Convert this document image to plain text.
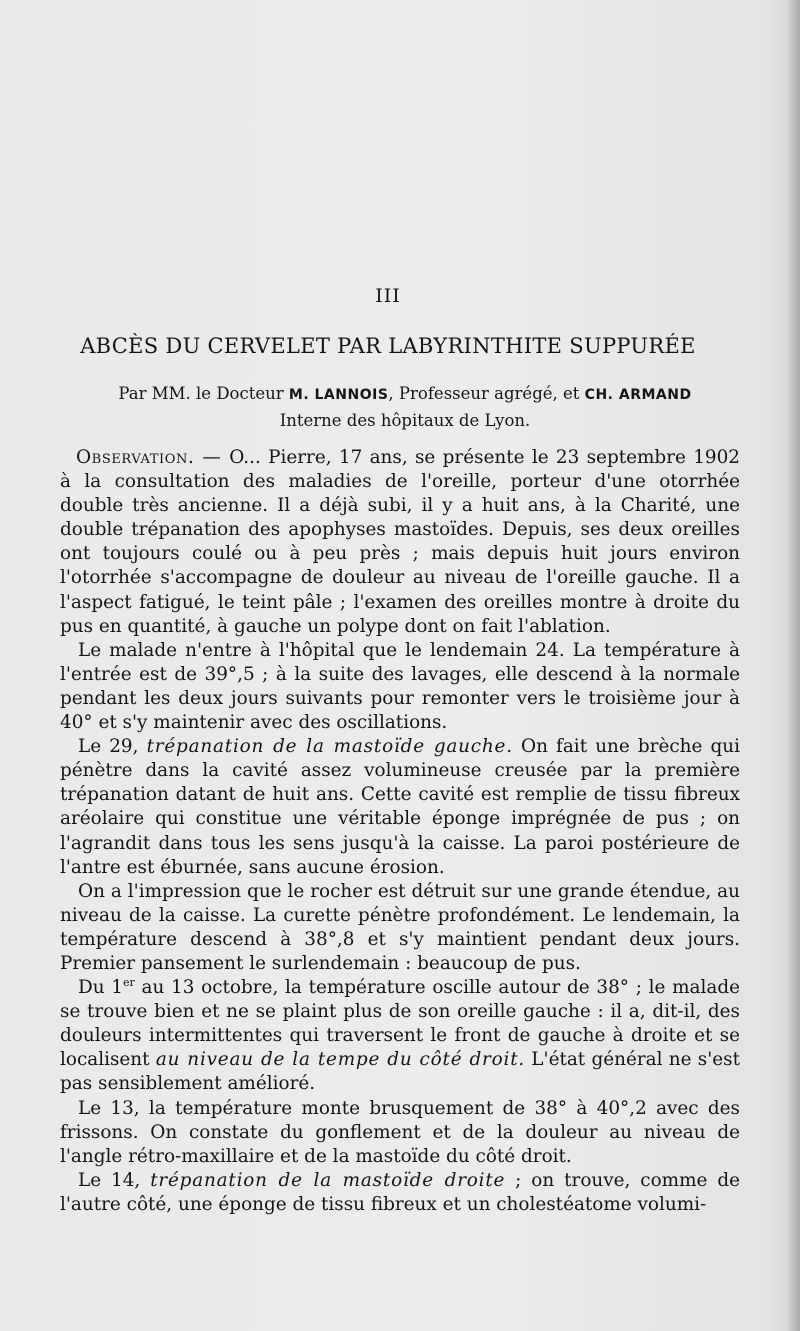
III
ABCÈS DU CERVELET PAR LABYRINTHITE SUPPURÉE
Par MM. le Docteur M. LANNOIS, Professeur agrégé, et CH. ARMAND
Interne des hôpitaux de Lyon.

Observation. — O... Pierre, 17 ans, se présente le 23 septembre 1902 à la consultation des maladies de l'oreille, porteur d'une otorrhée double très ancienne. Il a déjà subi, il y a huit ans, à la Charité, une double trépanation des apophyses mastoïdes. Depuis, ses deux oreilles ont toujours coulé ou à peu près ; mais depuis huit jours environ l'otorrhée s'accompagne de douleur au niveau de l'oreille gauche. Il a l'aspect fatigué, le teint pâle ; l'examen des oreilles montre à droite du pus en quantité, à gauche un polype dont on fait l'ablation.

Le malade n'entre à l'hôpital que le lendemain 24. La température à l'entrée est de 39°,5 ; à la suite des lavages, elle descend à la normale pendant les deux jours suivants pour remonter vers le troisième jour à 40° et s'y maintenir avec des oscillations.

Le 29, trépanation de la mastoïde gauche. On fait une brèche qui pénètre dans la cavité assez volumineuse creusée par la première trépanation datant de huit ans. Cette cavité est remplie de tissu fibreux aréolaire qui constitue une véritable éponge imprégnée de pus ; on l'agrandit dans tous les sens jusqu'à la caisse. La paroi postérieure de l'antre est éburnée, sans aucune érosion.

On a l'impression que le rocher est détruit sur une grande étendue, au niveau de la caisse. La curette pénètre profondément. Le lendemain, la température descend à 38°,8 et s'y maintient pendant deux jours. Premier pansement le surlendemain : beaucoup de pus.

Du 1er au 13 octobre, la température oscille autour de 38° ; le malade se trouve bien et ne se plaint plus de son oreille gauche : il a, dit-il, des douleurs intermittentes qui traversent le front de gauche à droite et se localisent au niveau de la tempe du côté droit. L'état général ne s'est pas sensiblement amélioré.

Le 13, la température monte brusquement de 38° à 40°,2 avec des frissons. On constate du gonflement et de la douleur au niveau de l'angle rétro-maxillaire et de la mastoïde du côté droit.

Le 14, trépanation de la mastoïde droite ; on trouve, comme de l'autre côté, une éponge de tissu fibreux et un cholestéatome volumi-
